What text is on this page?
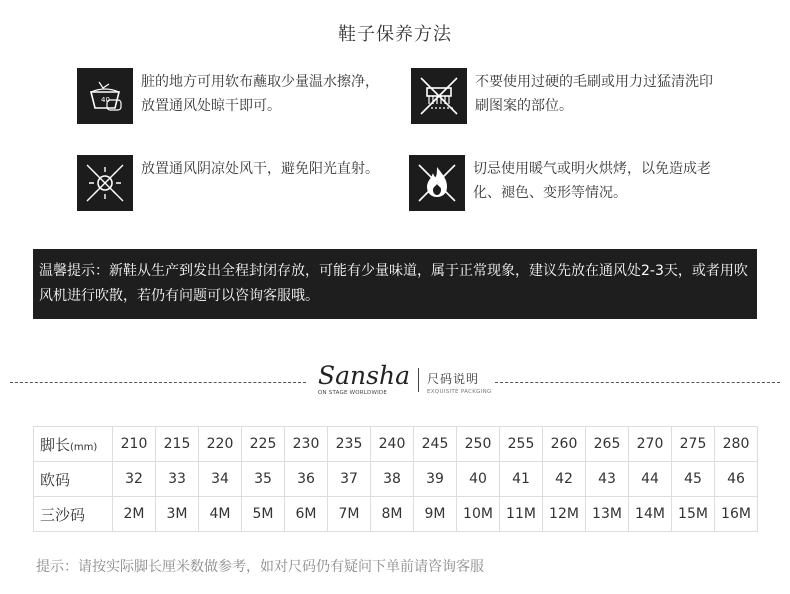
鞋子保养方法
40
脏的地方可用软布蘸取少量温水擦净，放置通风处晾干即可。
不要使用过硬的毛刷或用力过猛清洗印刷图案的部位。
放置通风阴凉处风干，避免阳光直射。	切忌使用暖气或明火烘烤，以免造成老化、褪色、变形等情况。
温馨提示：新鞋从生产到发出全程封闭存放，可能有少量味道，属于正常现象，建议先放在通风处2-3天，或者用吹风机进行吹散，若仍有问题可以咨询客服哦。
Sansha
ON STAGE WORLDWIDE
尺码说明
EXQUISITE PACKGING
脚长(mm)	210	215	220	225	230	235	240	245	250	255	260	265	270	275	280
欧码	32	33	34	35	36	37	38	39	40	41	42	43	44	45	46
三沙码	2M	3M	4M	5M	6M	7M	8M	9M	10M	11M	12M	13M	14M	15M	16M
提示：请按实际脚长厘米数做参考，如对尺码仍有疑问下单前请咨询客服
